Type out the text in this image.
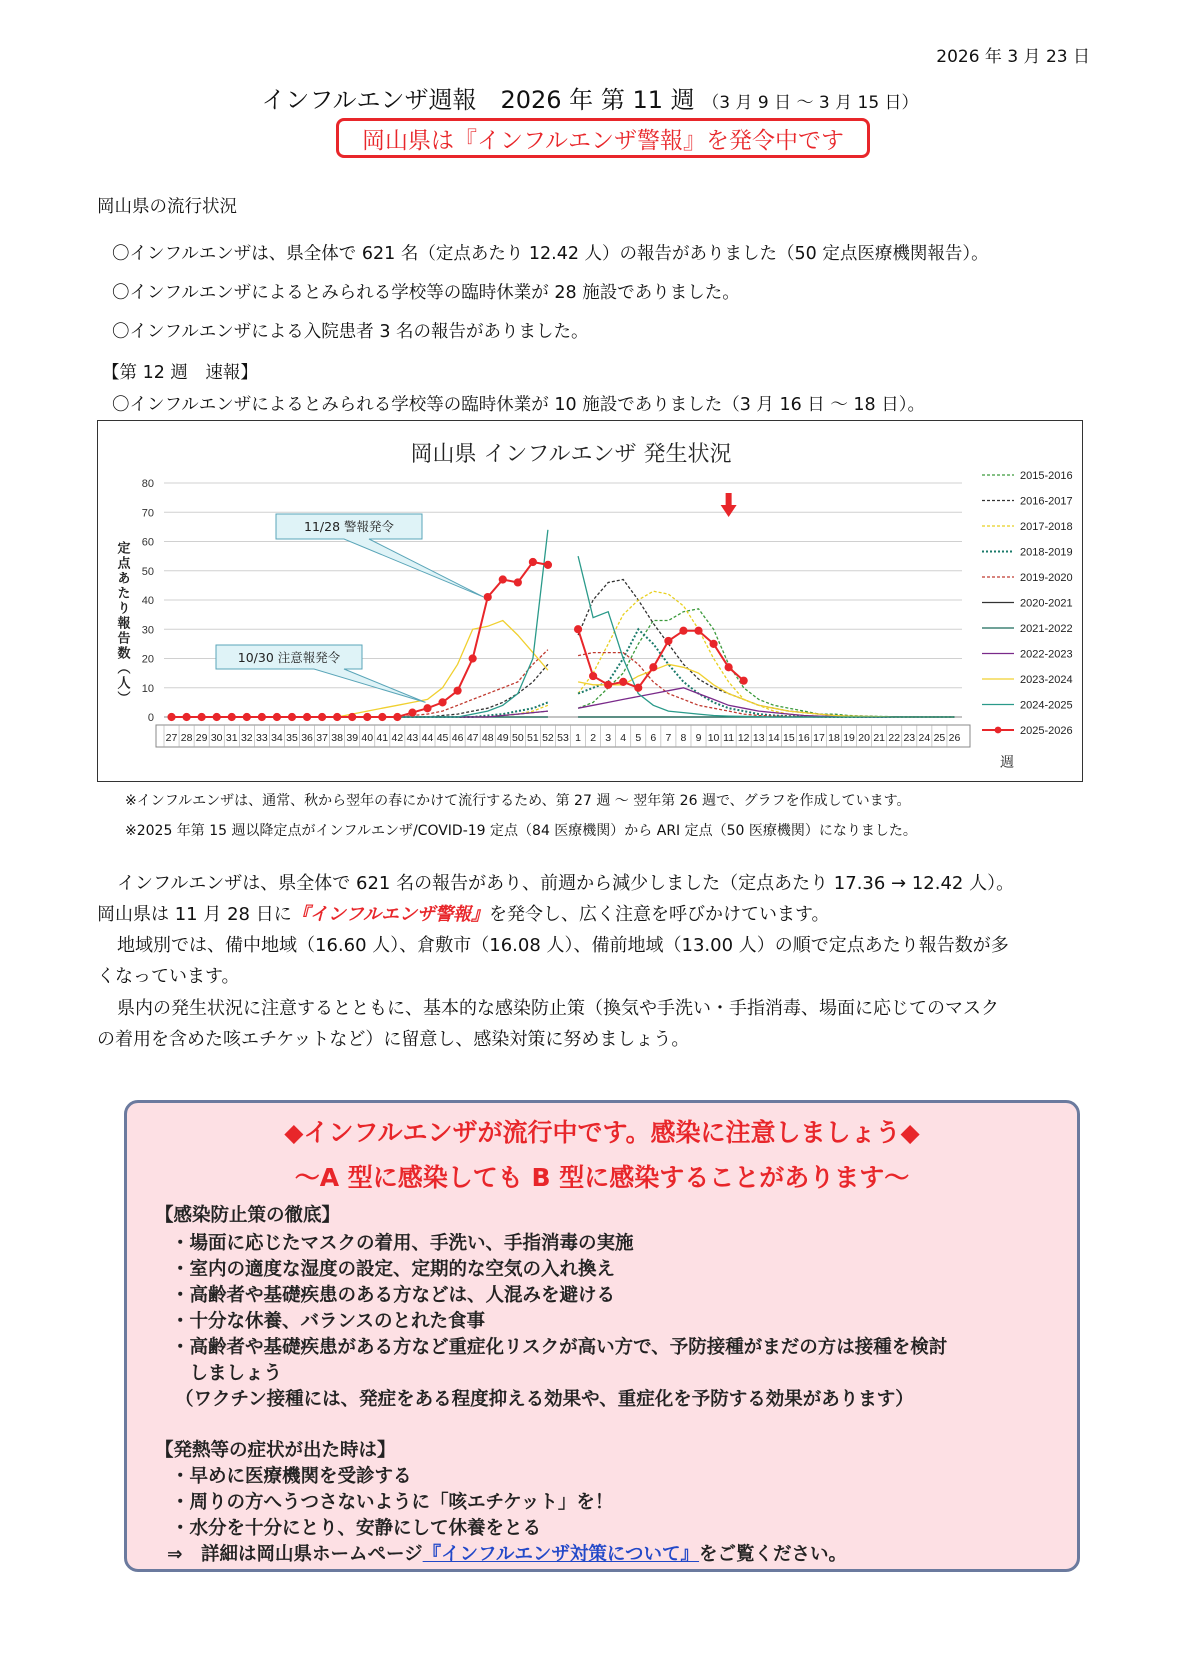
2026 年 3 月 23 日
インフルエンザ週報　2026 年 第 11 週 （3 月 9 日 ～ 3 月 15 日）
岡山県は『インフルエンザ警報』を発令中です
岡山県の流行状況
〇インフルエンザは、県全体で 621 名（定点あたり 12.42 人）の報告がありました（50 定点医療機関報告）。
〇インフルエンザによるとみられる学校等の臨時休業が 28 施設でありました。
〇インフルエンザによる入院患者 3 名の報告がありました。
【第 12 週　速報】
〇インフルエンザによるとみられる学校等の臨時休業が 10 施設でありました（3 月 16 日 ～ 18 日）。
0
10
20
30
40
50
60
70
80
27 28 29 30 31 32 33 34 35 36 37 38 39 40 41 42 43 44 45 46 47 48 49 50 51 52 53 1 2 3 4 5 6 7 8 9 10 11 12 13 14 15 16 17 18 19 20 21 22 23 24 25 26
週
岡山県 インフルエンザ 発生状況
定点あたり報告数（人）
2015-2016
2016-2017
2017-2018
2018-2019
2019-2020
2020-2021
2021-2022
2022-2023
2023-2024
2024-2025
2025-2026
11/28 警報発令
10/30 注意報発令
※インフルエンザは、通常、秋から翌年の春にかけて流行するため、第 27 週 ～ 翌年第 26 週で、グラフを作成しています。
※2025 年第 15 週以降定点がインフルエンザ/COVID-19 定点（84 医療機関）から ARI 定点（50 医療機関）になりました。
インフルエンザは、県全体で 621 名の報告があり、前週から減少しました（定点あたり 17.36 → 12.42 人）。
岡山県は 11 月 28 日に『インフルエンザ警報』を発令し、広く注意を呼びかけています。
地域別では、備中地域（16.60 人）、倉敷市（16.08 人）、備前地域（13.00 人）の順で定点あたり報告数が多
くなっています。
県内の発生状況に注意するとともに、基本的な感染防止策（換気や手洗い・手指消毒、場面に応じてのマスク
の着用を含めた咳エチケットなど）に留意し、感染対策に努めましょう。
◆インフルエンザが流行中です。感染に注意しましょう◆
～A 型に感染しても B 型に感染することがあります～
【感染防止策の徹底】
・場面に応じたマスクの着用、手洗い、手指消毒の実施
・室内の適度な湿度の設定、定期的な空気の入れ換え
・高齢者や基礎疾患のある方などは、人混みを避ける
・十分な休養、バランスのとれた食事
・高齢者や基礎疾患がある方など重症化リスクが高い方で、予防接種がまだの方は接種を検討
　しましょう
（ワクチン接種には、発症をある程度抑える効果や、重症化を予防する効果があります）
【発熱等の症状が出た時は】
・早めに医療機関を受診する
・周りの方へうつさないように「咳エチケット」を！
・水分を十分にとり、安静にして休養をとる
⇒　詳細は岡山県ホームページ『インフルエンザ対策について』をご覧ください。
